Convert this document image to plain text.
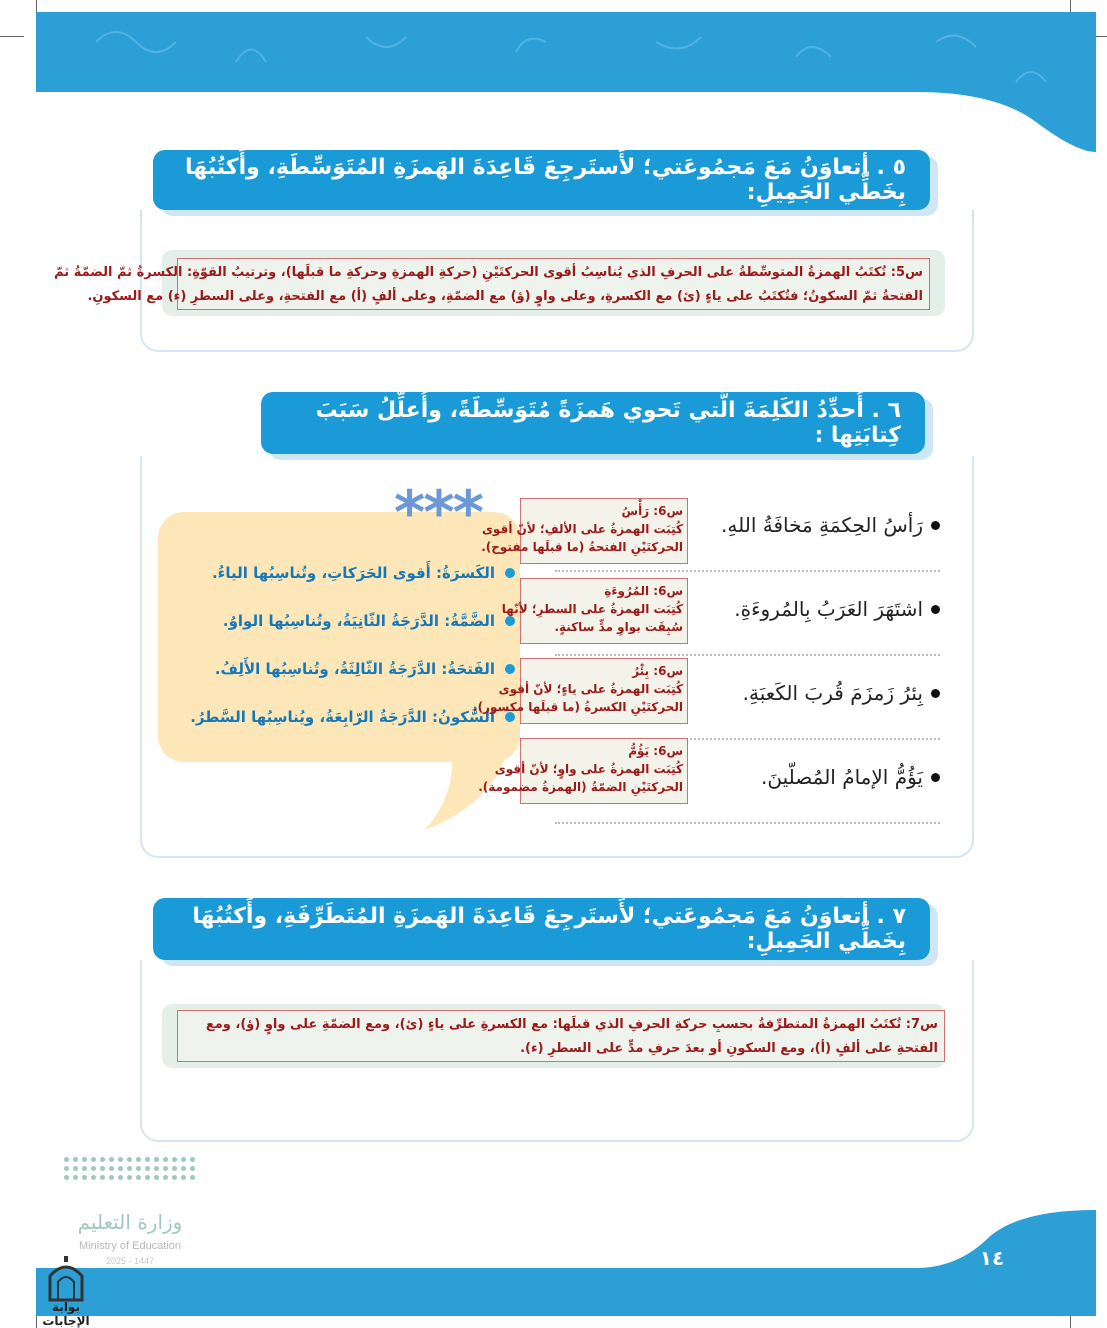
٥ . أتعاوَنُ مَعَ مَجمُوعَتي؛ لأَستَرجِعَ قَاعِدَةَ الهَمزَةِ المُتَوَسِّطَةِ، وأَكتُبُهَا بِخَطِّي الجَمِيلِ:
س5: تُكتَبُ الهمزةُ المتوسِّطةُ على الحرفِ الذي يُناسِبُ أقوى الحركتَيْنِ (حركةِ الهمزةِ وحركةِ ما قبلَها)، وترتيبُ القوّةِ: الكسرةُ ثمّ الضمّةُ ثمّ
الفتحةُ ثمّ السكونُ؛ فتُكتَبُ على ياءٍ (ئ) مع الكسرةِ، وعلى واوٍ (ؤ) مع الضمّةِ، وعلى ألفٍ (أ) مع الفتحةِ، وعلى السطرِ (ء) مع السكونِ.
٦ . أُحدِّدُ الكَلِمَةَ الَّتي تَحوي هَمزَةً مُتَوَسِّطَةً، وأُعلِّلُ سَبَبَ كِتابَتِها :
***
الكَسرَةُ: أَقوى الحَرَكاتِ، وتُناسِبُها الياءُ.
الضَّمَّةُ: الدَّرَجَةُ الثّانِيَةُ، وتُناسِبُها الواوُ.
الفَتحَةُ: الدَّرَجَةُ الثّالِثَةُ، وتُناسِبُها الأَلِفُ.
السُّكونُ: الدَّرَجَةُ الرّابِعَةُ، ويُناسِبُها السَّطرُ.
رَأسُ الحِكمَةِ مَخافَةُ اللهِ.
س6: رَأْسُ
كُتِبَت الهمزةُ على الألفِ؛ لأنّ أقوى
الحركتَيْنِ الفتحةُ (ما قبلَها مفتوح).
اشتَهَرَ العَرَبُ بِالمُروءَةِ.
س6: المُرُوءَةِ
كُتِبَت الهمزةُ على السطرِ؛ لأنّها
سُبِقَت بواوِ مدٍّ ساكنةٍ.
بِئرُ زَمزَمَ قُربَ الكَعبَةِ.
س6: بِئْرُ
كُتِبَت الهمزةُ على ياءٍ؛ لأنّ أقوى
الحركتَيْنِ الكسرةُ (ما قبلَها مكسور).
يَؤُمُّ الإمامُ المُصلّينَ.
س6: يَؤُمُّ
كُتِبَت الهمزةُ على واوٍ؛ لأنّ أقوى
الحركتَيْنِ الضمّةُ (الهمزةُ مضمومة).
٧ . أتعاوَنُ مَعَ مَجمُوعَتي؛ لأَستَرجِعَ قَاعِدَةَ الهَمزَةِ المُتَطَرِّفَةِ، وأَكتُبُهَا بِخَطِّي الجَمِيلِ:
س7: تُكتَبُ الهمزةُ المتطرِّفةُ بحسبِ حركةِ الحرفِ الذي قبلَها: مع الكسرةِ على ياءٍ (ئ)، ومع الضمّةِ على واوٍ (ؤ)، ومع
الفتحةِ على ألفٍ (أ)، ومع السكونِ أو بعدَ حرفِ مدٍّ على السطرِ (ء).

وزارة التعليم
Ministry of Education
2025 - 1447	١٤
بوابة الإجابات
